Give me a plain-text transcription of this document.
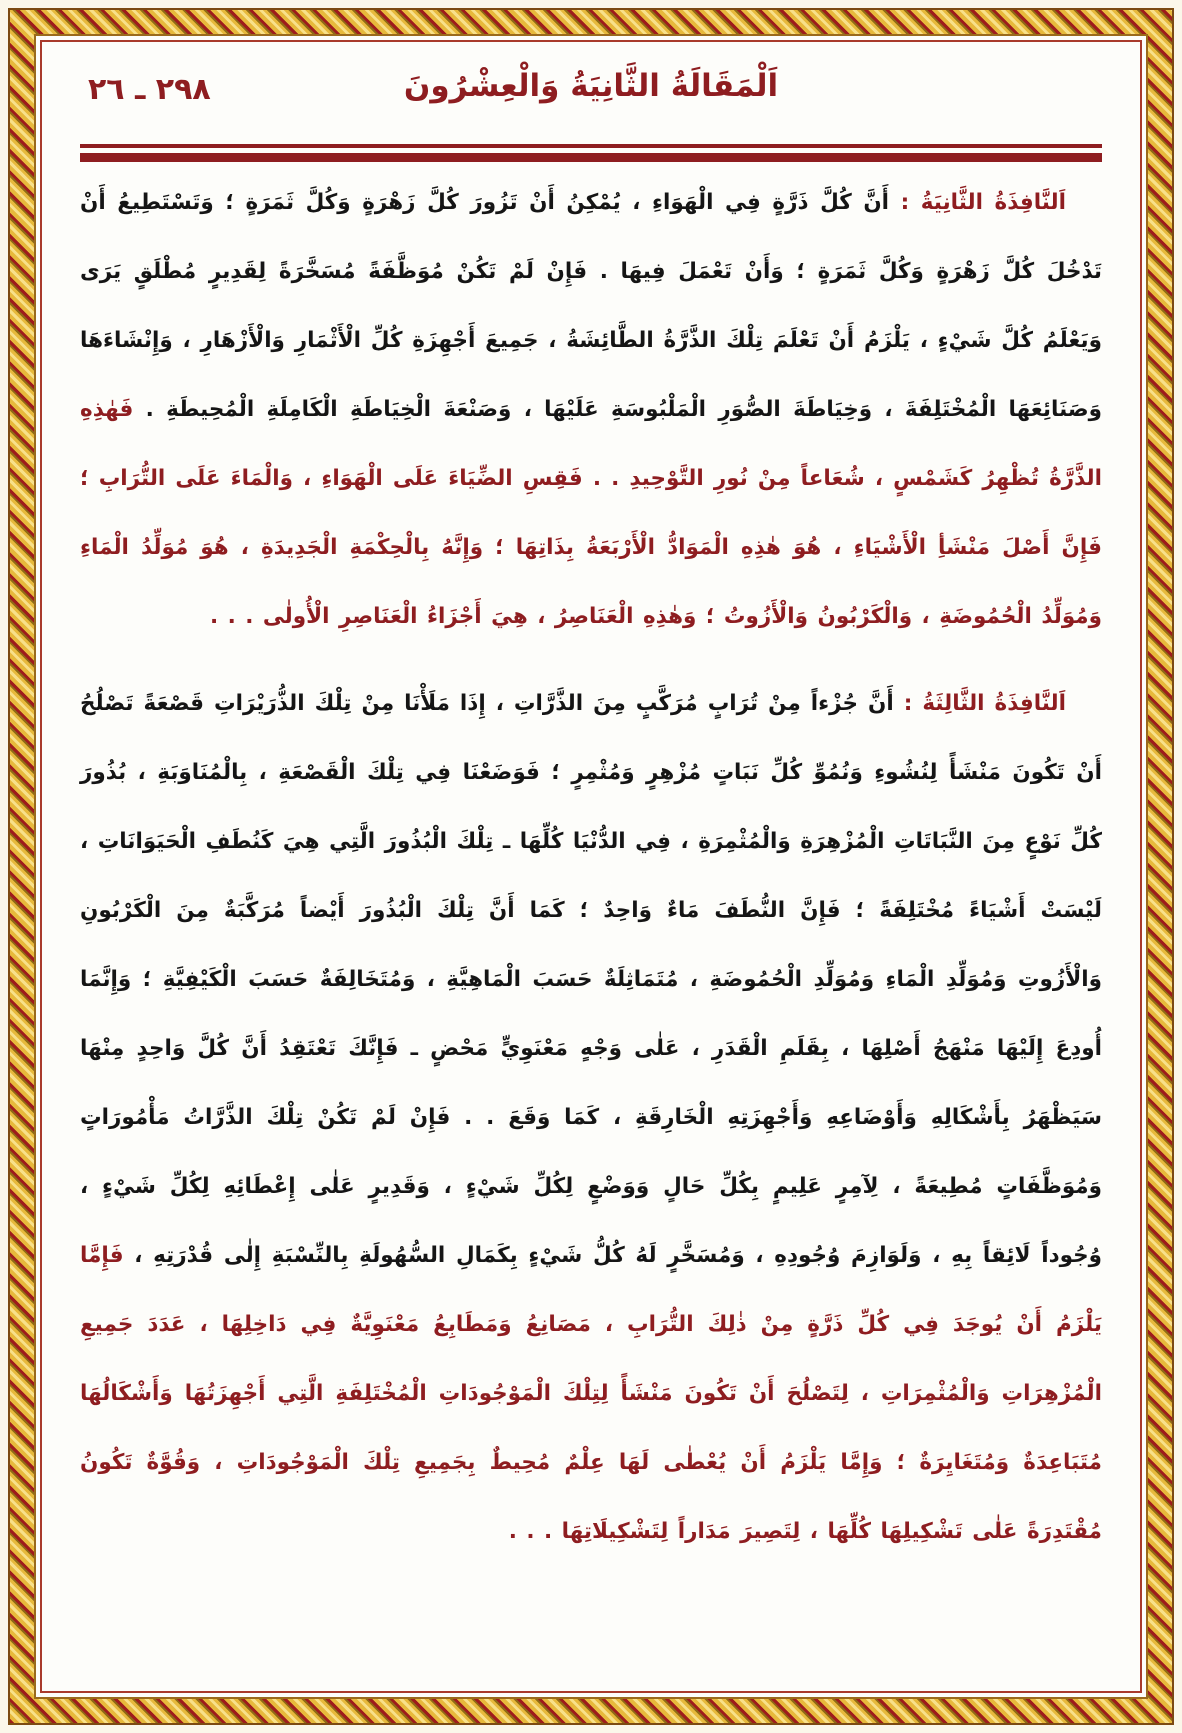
٢٩٨ ـ ٢٦	اَلْمَقَالَةُ الثَّانِيَةُ وَالْعِشْرُونَ

اَلنَّافِذَةُ الثَّانِيَةُ : أَنَّ كُلَّ ذَرَّةٍ فِي الْهَوَاءِ ، يُمْكِنُ أَنْ تَزُورَ كُلَّ زَهْرَةٍ وَكُلَّ ثَمَرَةٍ ؛ وَتَسْتَطِيعُ أَنْ تَدْخُلَ كُلَّ زَهْرَةٍ وَكُلَّ ثَمَرَةٍ ؛ وَأَنْ تَعْمَلَ فِيهَا . فَإِنْ لَمْ تَكُنْ مُوَظَّفَةً مُسَخَّرَةً لِقَدِيرٍ مُطْلَقٍ يَرَى وَيَعْلَمُ كُلَّ شَيْءٍ ، يَلْزَمُ أَنْ تَعْلَمَ تِلْكَ الذَّرَّةُ الطَّائِشَةُ ، جَمِيعَ أَجْهِزَةِ كُلِّ الْأَثْمَارِ وَالْأَزْهَارِ ، وَإِنْشَاءَهَا وَصَنَائِعَهَا الْمُخْتَلِفَةَ ، وَخِيَاطَةَ الصُّوَرِ الْمَلْبُوسَةِ عَلَيْهَا ، وَصَنْعَةَ الْخِيَاطَةِ الْكَامِلَةِ الْمُحِيطَةِ . فَهٰذِهِ الذَّرَّةُ تُظْهِرُ كَشَمْسٍ ، شُعَاعاً مِنْ نُورِ التَّوْحِيدِ . . فَقِسِ الضِّيَاءَ عَلَى الْهَوَاءِ ، وَالْمَاءَ عَلَى التُّرَابِ ؛ فَإِنَّ أَصْلَ مَنْشَأِ الْأَشْيَاءِ ، هُوَ هٰذِهِ الْمَوَادُّ الْأَرْبَعَةُ بِذَاتِهَا ؛ وَإِنَّهُ بِالْحِكْمَةِ الْجَدِيدَةِ ، هُوَ مُوَلِّدُ الْمَاءِ وَمُوَلِّدُ الْحُمُوضَةِ ، وَالْكَرْبُونُ وَالْأَزُوتُ ؛ وَهٰذِهِ الْعَنَاصِرُ ، هِيَ أَجْزَاءُ الْعَنَاصِرِ الْأُولٰى . . .

اَلنَّافِذَةُ الثَّالِثَةُ : أَنَّ جُزْءاً مِنْ تُرَابٍ مُرَكَّبٍ مِنَ الذَّرَّاتِ ، إِذَا مَلَأْنَا مِنْ تِلْكَ الذُّرَيْرَاتِ قَصْعَةً تَصْلُحُ أَنْ تَكُونَ مَنْشَأً لِنُشُوءِ وَنُمُوِّ كُلِّ نَبَاتٍ مُزْهِرٍ وَمُثْمِرٍ ؛ فَوَضَعْنَا فِي تِلْكَ الْقَصْعَةِ ، بِالْمُنَاوَبَةِ ، بُذُورَ كُلِّ نَوْعٍ مِنَ النَّبَاتَاتِ الْمُزْهِرَةِ وَالْمُثْمِرَةِ ، فِي الدُّنْيَا كُلِّهَا ـ تِلْكَ الْبُذُورَ الَّتِي هِيَ كَنُطَفِ الْحَيَوَانَاتِ ، لَيْسَتْ أَشْيَاءً مُخْتَلِفَةً ؛ فَإِنَّ النُّطَفَ مَاءٌ وَاحِدٌ ؛ كَمَا أَنَّ تِلْكَ الْبُذُورَ أَيْضاً مُرَكَّبَةٌ مِنَ الْكَرْبُونِ وَالْأَزُوتِ وَمُوَلِّدِ الْمَاءِ وَمُوَلِّدِ الْحُمُوضَةِ ، مُتَمَاثِلَةٌ حَسَبَ الْمَاهِيَّةِ ، وَمُتَخَالِفَةٌ حَسَبَ الْكَيْفِيَّةِ ؛ وَإِنَّمَا أُودِعَ إِلَيْهَا مَنْهَجُ أَصْلِهَا ، بِقَلَمِ الْقَدَرِ ، عَلٰى وَجْهٍ مَعْنَوِيٍّ مَحْضٍ ـ فَإِنَّكَ تَعْتَقِدُ أَنَّ كُلَّ وَاحِدٍ مِنْهَا سَيَظْهَرُ بِأَشْكَالِهِ وَأَوْضَاعِهِ وَأَجْهِزَتِهِ الْخَارِقَةِ ، كَمَا وَقَعَ . . فَإِنْ لَمْ تَكُنْ تِلْكَ الذَّرَّاتُ مَأْمُورَاتٍ وَمُوَظَّفَاتٍ مُطِيعَةً ، لِآمِرٍ عَلِيمٍ بِكُلِّ حَالٍ وَوَضْعٍ لِكُلِّ شَيْءٍ ، وَقَدِيرٍ عَلٰى إِعْطَائِهِ لِكُلِّ شَيْءٍ ، وُجُوداً لَائِقاً بِهِ ، وَلَوَازِمَ وُجُودِهِ ، وَمُسَخَّرٍ لَهُ كُلُّ شَيْءٍ بِكَمَالِ السُّهُولَةِ بِالنِّسْبَةِ إِلٰى قُدْرَتِهِ ، فَإِمَّا يَلْزَمُ أَنْ يُوجَدَ فِي كُلِّ ذَرَّةٍ مِنْ ذٰلِكَ التُّرَابِ ، مَصَانِعُ وَمَطَابِعُ مَعْنَوِيَّةٌ فِي دَاخِلِهَا ، عَدَدَ جَمِيعِ الْمُزْهِرَاتِ وَالْمُثْمِرَاتِ ، لِتَصْلُحَ أَنْ تَكُونَ مَنْشَأً لِتِلْكَ الْمَوْجُودَاتِ الْمُخْتَلِفَةِ الَّتِي أَجْهِزَتُهَا وَأَشْكَالُهَا مُتَبَاعِدَةٌ وَمُتَغَايِرَةٌ ؛ وَإِمَّا يَلْزَمُ أَنْ يُعْطٰى لَهَا عِلْمٌ مُحِيطٌ بِجَمِيعِ تِلْكَ الْمَوْجُودَاتِ ، وَقُوَّةٌ تَكُونُ مُقْتَدِرَةً عَلٰى تَشْكِيلِهَا كُلِّهَا ، لِتَصِيرَ مَدَاراً لِتَشْكِيلَاتِهَا . . .
